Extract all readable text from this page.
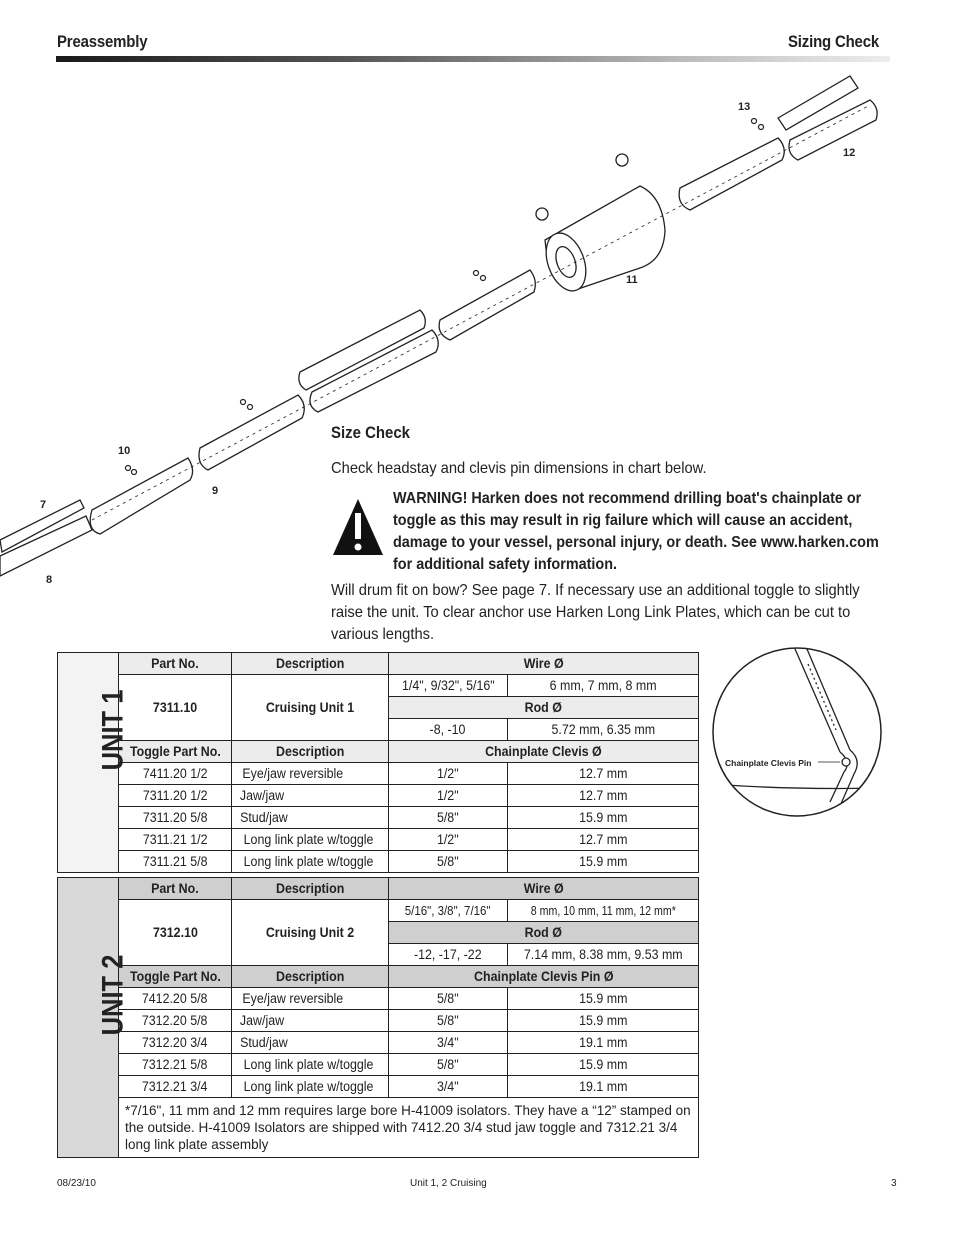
Preassembly	Sizing Check
7
8
9
10
11
12
13
Size Check
Check headstay and clevis pin dimensions in chart below.
WARNING! Harken does not recommend drilling boat's chainplate or toggle as this may result in rig failure which will cause an accident, damage to your vessel, personal injury, or death. See www.harken.com for additional safety information.
Will drum fit on bow? See page 7. If necessary use an additional toggle to slightly raise the unit. To clear anchor use Harken Long Link Plates, which can be cut to various lengths.
UNIT 1	Part No.	Description	Wire Ø	
	7311.10	Cruising Unit 1	1/4", 9/32", 5/16"	6 mm, 7 mm, 8 mm
			Rod Ø	
			-8, -10	5.72 mm, 6.35 mm
	Toggle Part No.	Description	Chainplate Clevis Ø	
	7411.20 1/2	Eye/jaw reversible	1/2"	12.7 mm
	7311.20 1/2	Jaw/jaw	1/2"	12.7 mm
	7311.20 5/8	Stud/jaw	5/8"	15.9 mm
	7311.21 1/2	Long link plate w/toggle	1/2"	12.7 mm
	7311.21 5/8	Long link plate w/toggle	5/8"	15.9 mm
UNIT 2	Part No.	Description	Wire Ø	
	7312.10	Cruising Unit 2	5/16", 3/8", 7/16"	8 mm, 10 mm, 11 mm, 12 mm*
			Rod Ø	
			-12, -17, -22	7.14 mm, 8.38 mm, 9.53 mm
	Toggle Part No.	Description	Chainplate Clevis Pin Ø	
	7412.20 5/8	Eye/jaw reversible	5/8"	15.9 mm
	7312.20 5/8	Jaw/jaw	5/8"	15.9 mm
	7312.20 3/4	Stud/jaw	3/4"	19.1 mm
	7312.21 5/8	Long link plate w/toggle	5/8"	15.9 mm
	7312.21 3/4	Long link plate w/toggle	3/4"	19.1 mm
	*7/16", 11 mm and 12 mm requires large bore H-41009 isolators. They have a “12” stamped on the outside. H-41009 Isolators are shipped with 7412.20 3/4 stud jaw toggle and 7312.21 3/4 long link plate assembly			
Chainplate Clevis Pin
08/23/10	Unit 1, 2 Cruising	3
